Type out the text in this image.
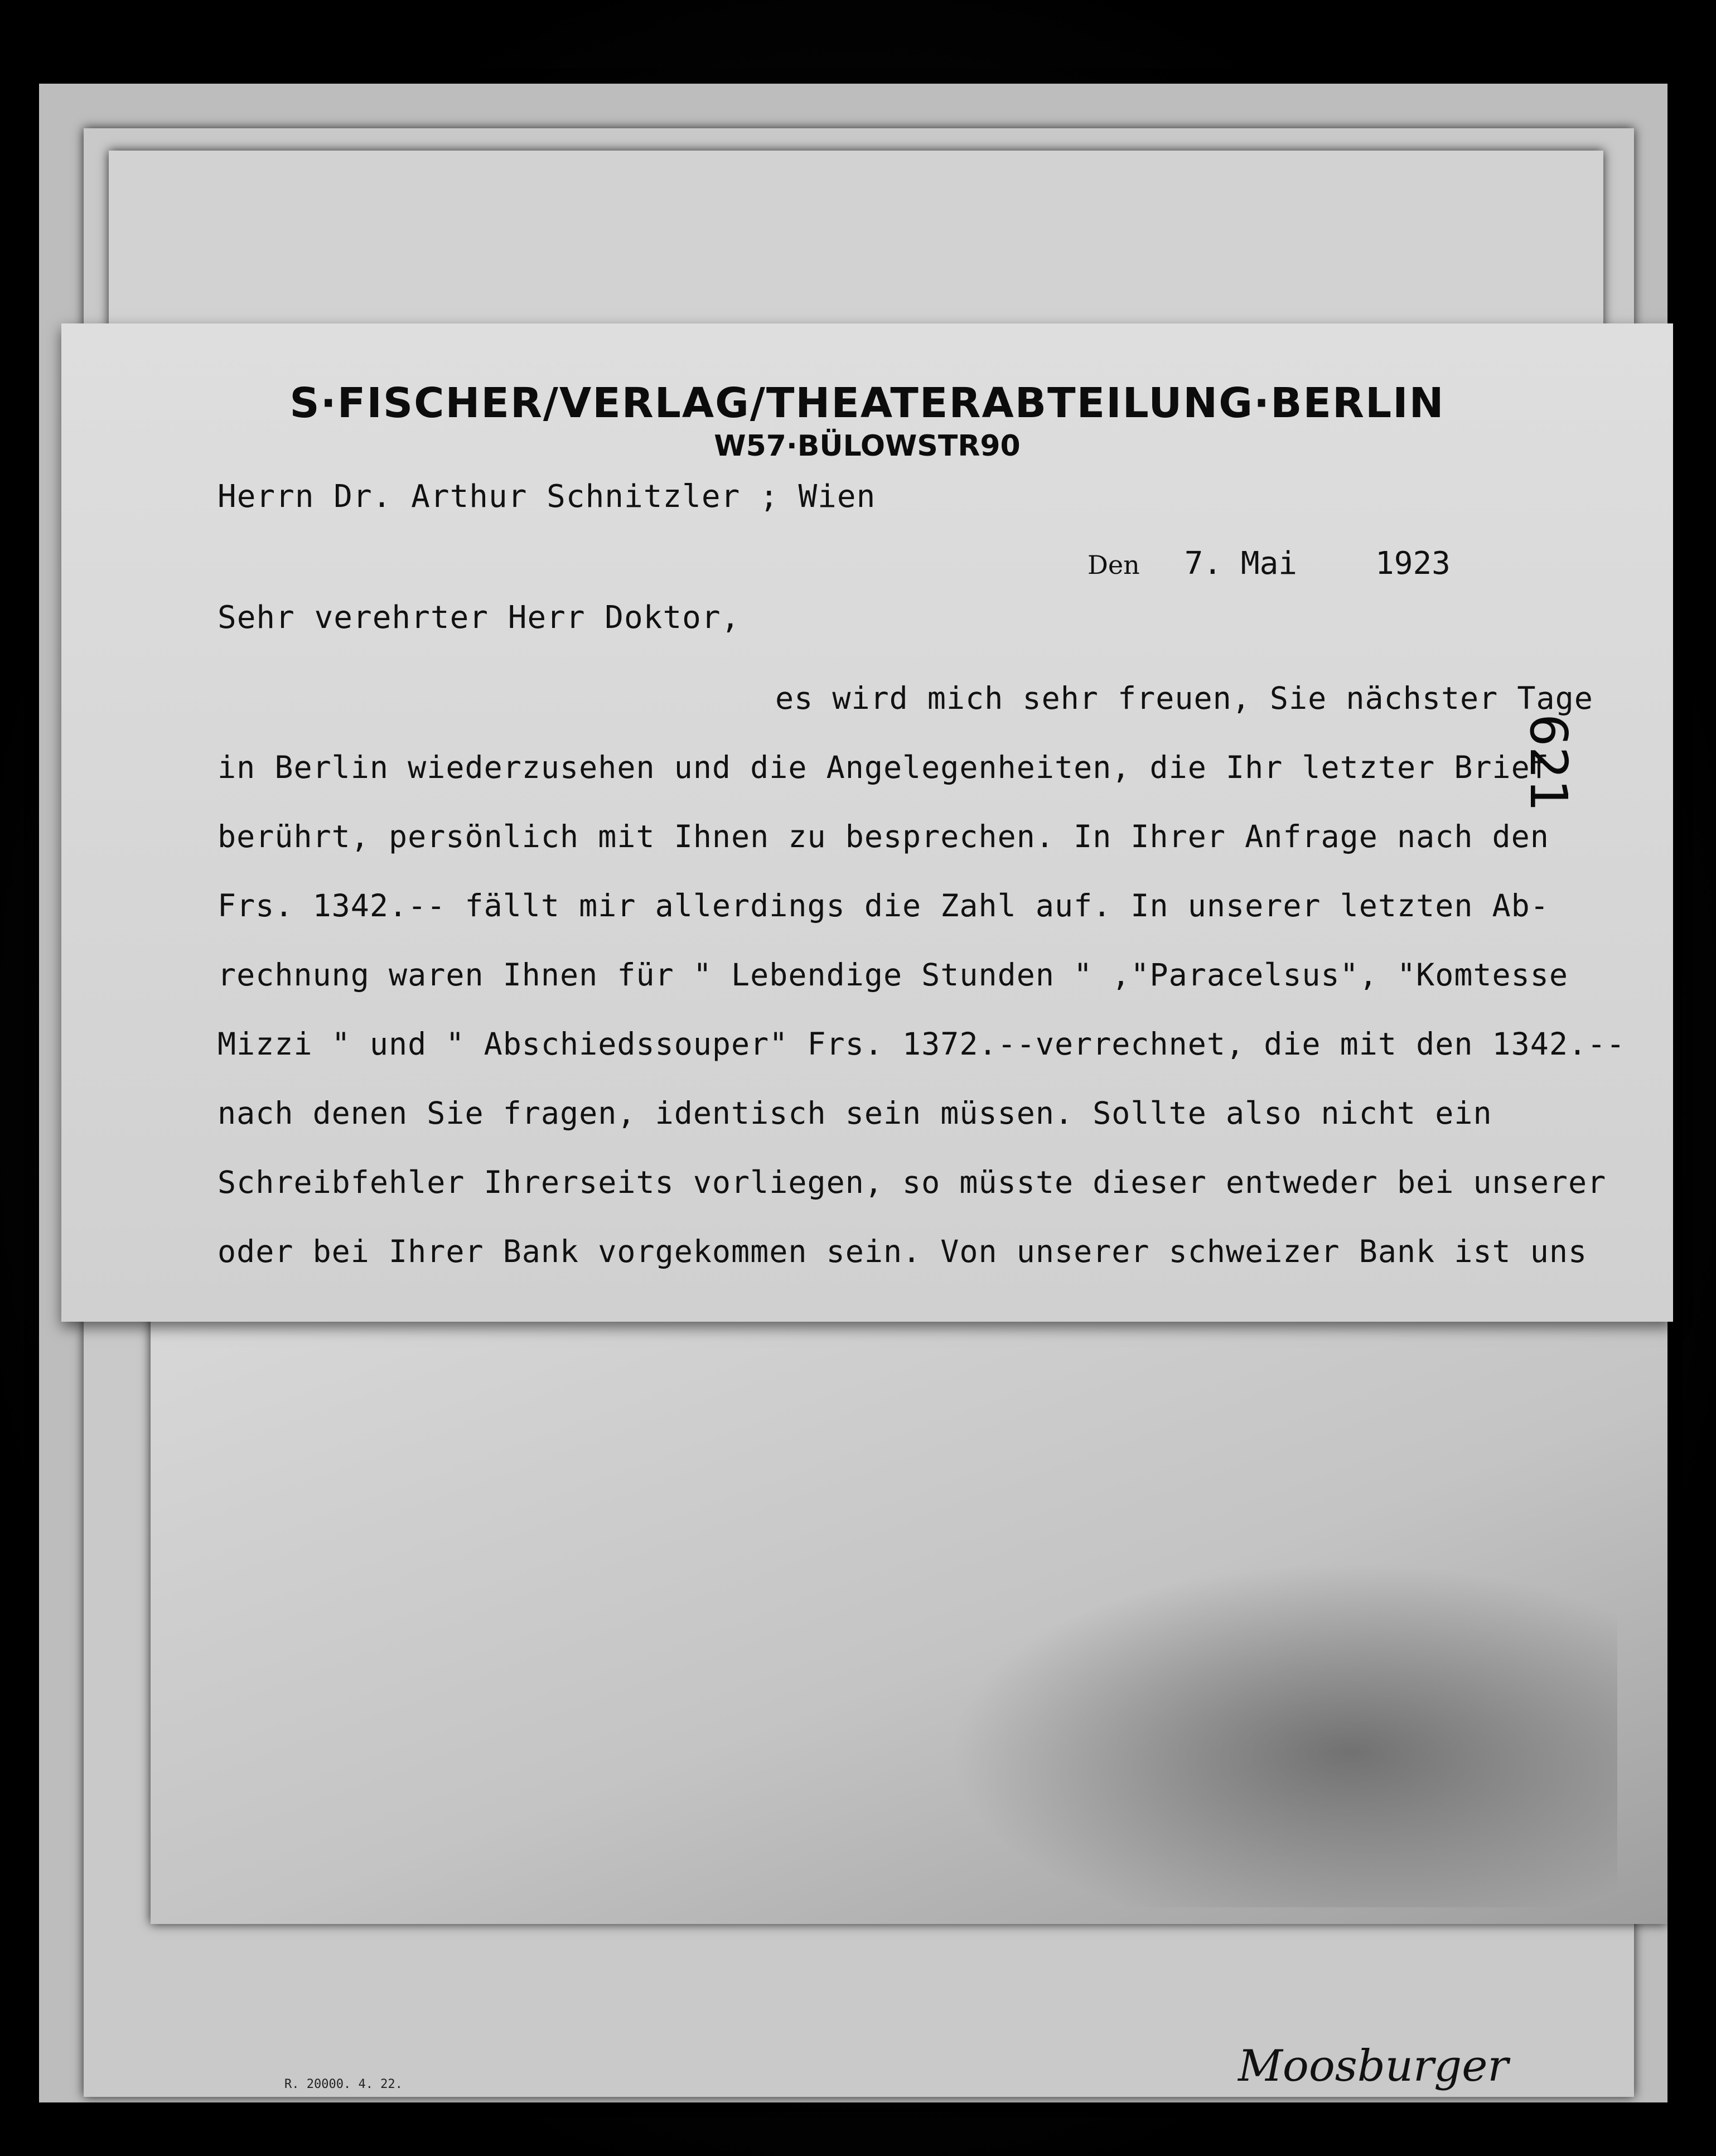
S·FISCHER/VERLAG/THEATERABTEILUNG·BERLIN
W57·BÜLOWSTR90
Herrn Dr. Arthur Schnitzler ; Wien
Den 7. Mai	1923
Sehr verehrter Herr Doktor,
es wird mich sehr freuen, Sie nächster Tage
in Berlin wiederzusehen und die Angelegenheiten, die Ihr letzter Brief
berührt, persönlich mit Ihnen zu besprechen. In Ihrer Anfrage nach den
Frs. 1342.-- fällt mir allerdings die Zahl auf. In unserer letzten Ab-
rechnung waren Ihnen für " Lebendige Stunden " ,"Paracelsus", "Komtesse
Mizzi " und " Abschiedssouper" Frs. 1372.--verrechnet, die mit den 1342.--
nach denen Sie fragen, identisch sein müssen. Sollte also nicht ein
Schreibfehler Ihrerseits vorliegen, so müsste dieser entweder bei unserer
oder bei Ihrer Bank vorgekommen sein. Von unserer schweizer Bank ist uns
621
R. 20000. 4. 22.	Moosburger
